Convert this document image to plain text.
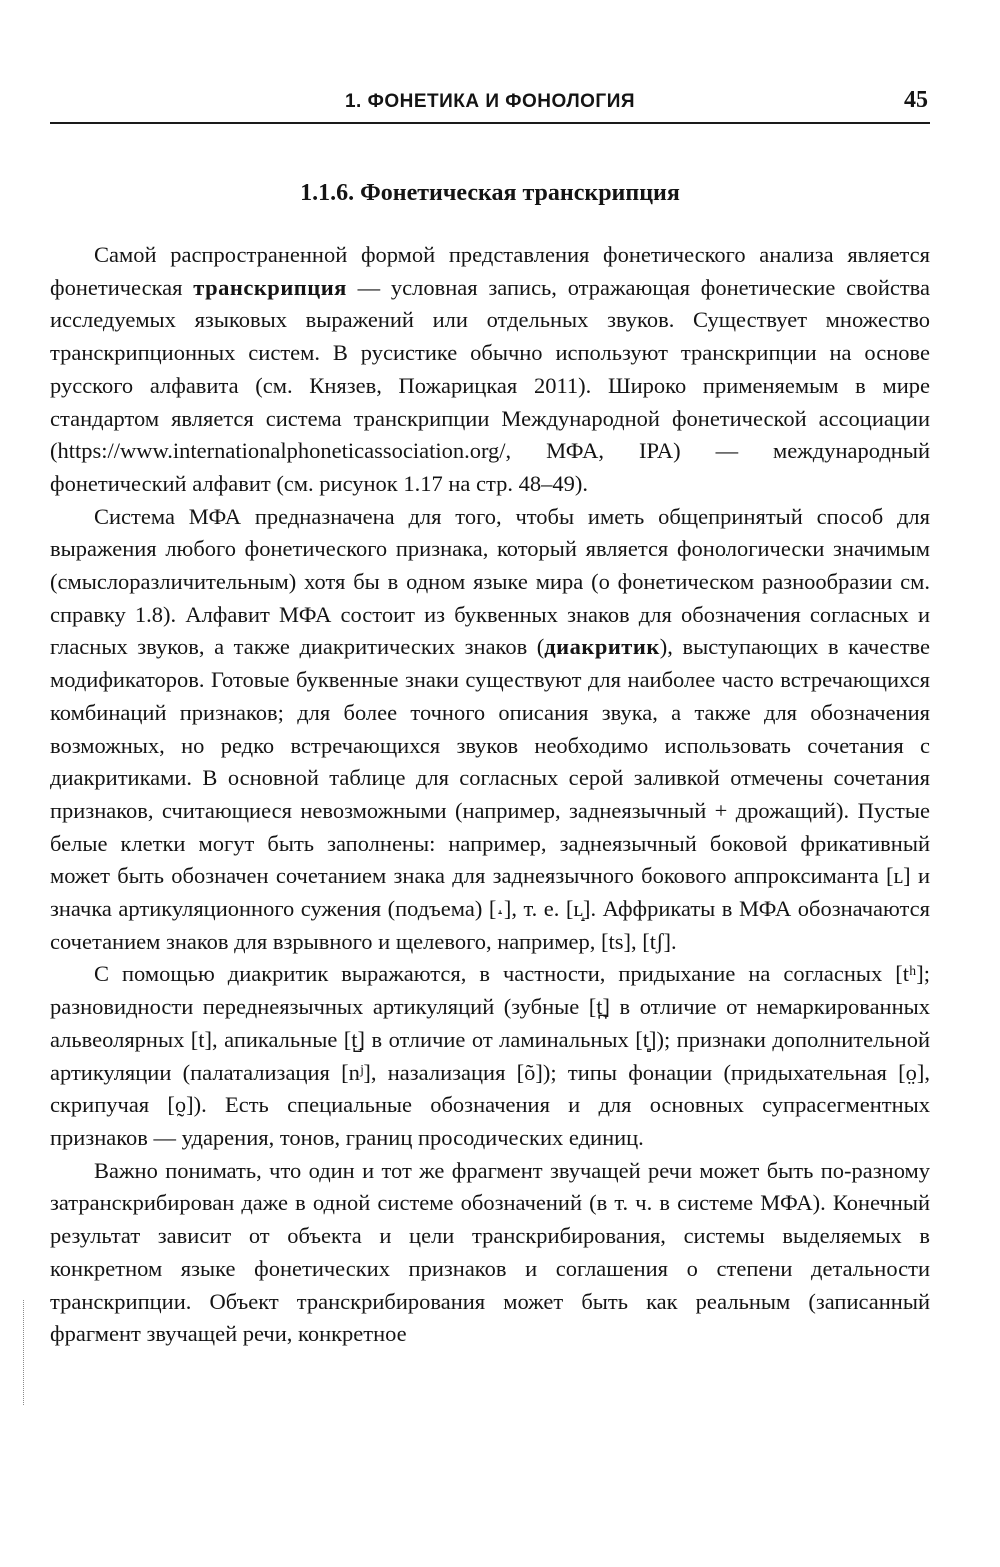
1. ФОНЕТИКА И ФОНОЛОГИЯ	45
1.1.6. Фонетическая транскрипция

Самой распространенной формой представления фонетического анализа является фонетическая транскрипция — условная запись, отражающая фонетические свойства исследуемых языковых выражений или отдельных звуков. Существует множество транскрипционных систем. В русистике обычно используют транскрипции на основе русского алфавита (см. Князев, Пожарицкая 2011). Широко применяемым в мире стандартом является система транскрипции Международной фонетической ассоциации (https://www.internationalphoneticassociation.org/, МФА, IPA) — международный фонетический алфавит (см. рисунок 1.17 на стр. 48–49).

Система МФА предназначена для того, чтобы иметь общепринятый способ для выражения любого фонетического признака, который является фонологически значимым (смыслоразличительным) хотя бы в одном языке мира (о фонетическом разнообразии см. справку 1.8). Алфавит МФА состоит из буквенных знаков для обозначения согласных и гласных звуков, а также диакритических знаков (диакритик), выступающих в качестве модификаторов. Готовые буквенные знаки существуют для наиболее часто встречающихся комбинаций признаков; для более точного описания звука, а также для обозначения возможных, но редко встречающихся звуков необходимо использовать сочетания с диакритиками. В основной таблице для согласных серой заливкой отмечены сочетания признаков, считающиеся невозможными (например, заднеязычный + дрожащий). Пустые белые клетки могут быть заполнены: например, заднеязычный боковой фрикативный может быть обозначен сочетанием знака для заднеязычного бокового аппроксиманта [ʟ] и значка артикуляционного сужения (подъема) [˔], т. е. [ʟ̝]. Аффрикаты в МФА обозначаются сочетанием знаков для взрывного и щелевого, например, [ts], [tʃ].

С помощью диакритик выражаются, в частности, придыхание на согласных [tʰ]; разновидности переднеязычных артикуляций (зубные [t̪] в отличие от немаркированных альвеолярных [t], апикальные [t̺] в отличие от ламинальных [t̻]); признаки дополнительной артикуляции (палатализация [nʲ], назализация [õ]); типы фонации (придыхательная [o̤], скрипучая [o̰]). Есть специальные обозначения и для основных супрасегментных признаков — ударения, тонов, границ просодических единиц.

Важно понимать, что один и тот же фрагмент звучащей речи может быть по-разному затранскрибирован даже в одной системе обозначений (в т. ч. в системе МФА). Конечный результат зависит от объекта и цели транскрибирования, системы выделяемых в конкретном языке фонетических признаков и соглашения о степени детальности транскрипции. Объект транскрибирования может быть как реальным (записанный фрагмент звучащей речи, конкретное
